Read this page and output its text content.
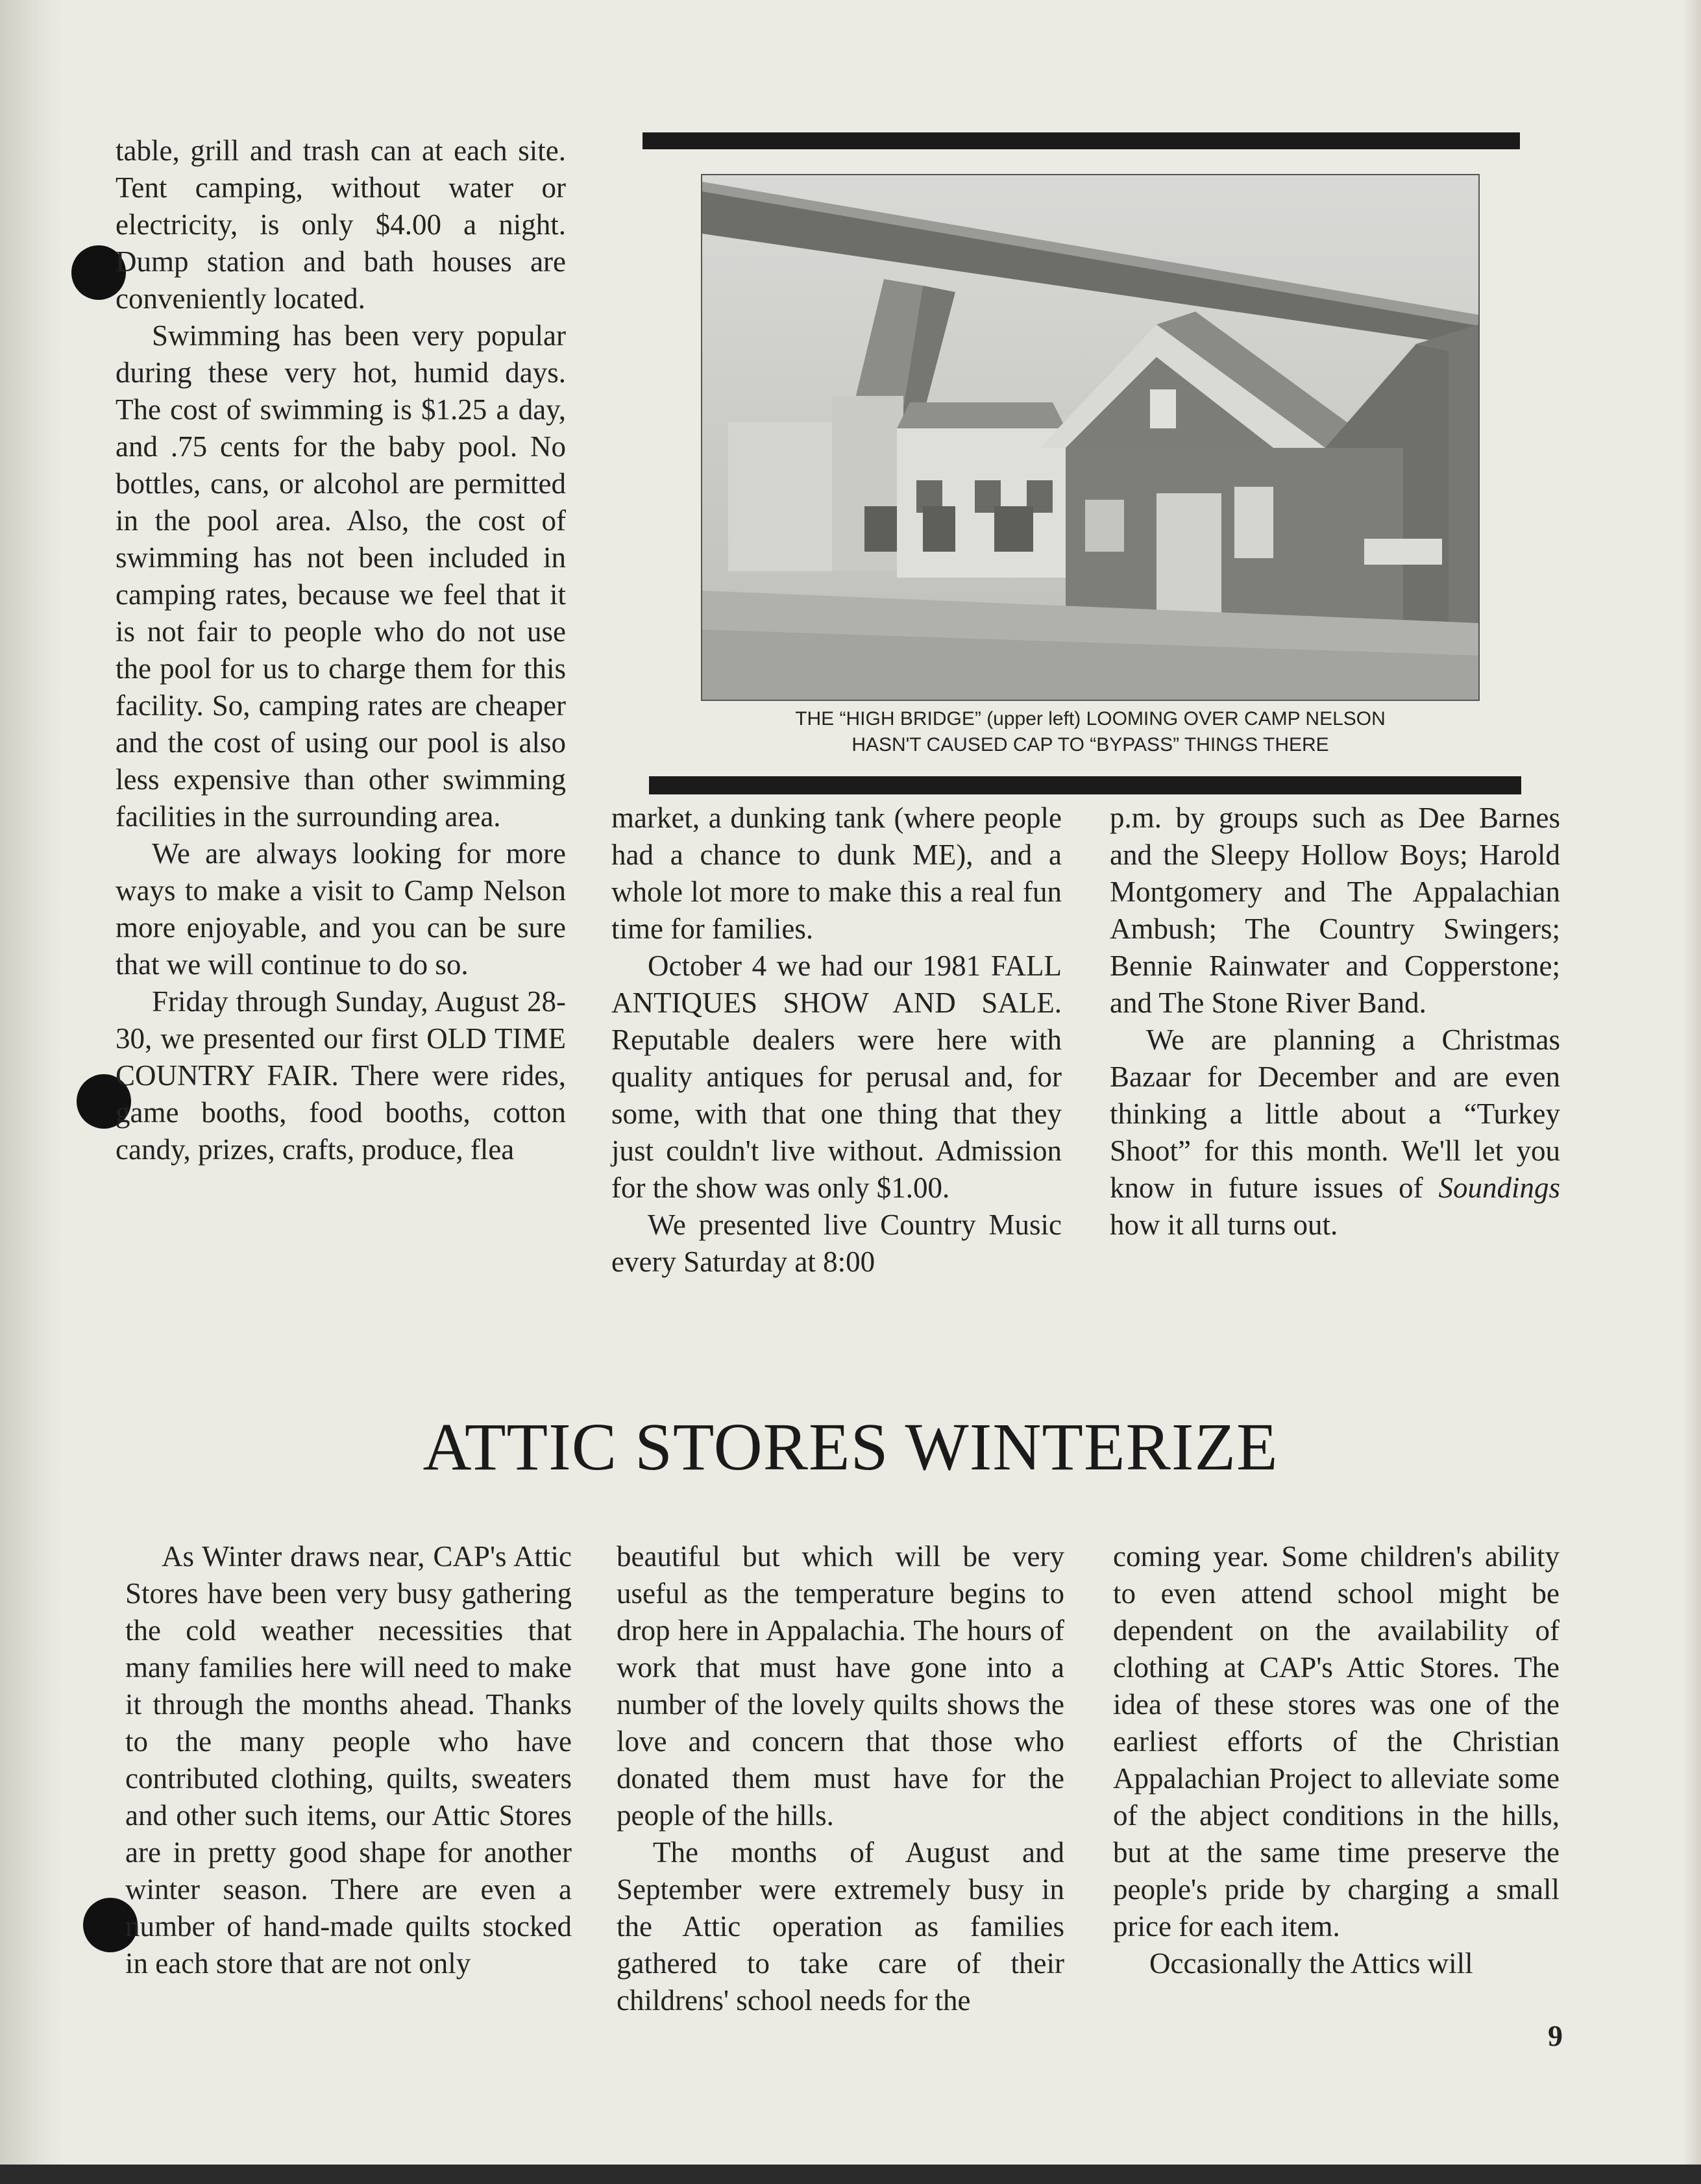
table, grill and trash can at each site. Tent camping, without water or electricity, is only $4.00 a night. Dump station and bath houses are conveniently located.

Swimming has been very popular during these very hot, humid days. The cost of swimming is $1.25 a day, and .75 cents for the baby pool. No bottles, cans, or alcohol are permitted in the pool area. Also, the cost of swimming has not been included in camping rates, because we feel that it is not fair to people who do not use the pool for us to charge them for this facility. So, camping rates are cheaper and the cost of using our pool is also less expensive than other swimming facilities in the surrounding area.

We are always looking for more ways to make a visit to Camp Nelson more enjoyable, and you can be sure that we will continue to do so.

Friday through Sunday, August 28-30, we presented our first OLD TIME COUNTRY FAIR. There were rides, game booths, food booths, cotton candy, prizes, crafts, produce, flea

THE “HIGH BRIDGE” (upper left) LOOMING OVER CAMP NELSON
HASN'T CAUSED CAP TO “BYPASS” THINGS THERE

market, a dunking tank (where people had a chance to dunk ME), and a whole lot more to make this a real fun time for families.

October 4 we had our 1981 FALL ANTIQUES SHOW AND SALE. Reputable dealers were here with quality antiques for perusal and, for some, with that one thing that they just couldn't live without. Admission for the show was only $1.00.

We presented live Country Music every Saturday at 8:00

p.m. by groups such as Dee Barnes and the Sleepy Hollow Boys; Harold Montgomery and The Appalachian Ambush; The Country Swingers; Bennie Rainwater and Copperstone; and The Stone River Band.

We are planning a Christmas Bazaar for December and are even thinking a little about a “Turkey Shoot” for this month. We'll let you know in future issues of Soundings how it all turns out.

ATTIC STORES WINTERIZE

As Winter draws near, CAP's Attic Stores have been very busy gathering the cold weather necessities that many families here will need to make it through the months ahead. Thanks to the many people who have contributed clothing, quilts, sweaters and other such items, our Attic Stores are in pretty good shape for another winter season. There are even a number of hand-made quilts stocked in each store that are not only

beautiful but which will be very useful as the temperature begins to drop here in Appalachia. The hours of work that must have gone into a number of the lovely quilts shows the love and concern that those who donated them must have for the people of the hills.

The months of August and September were extremely busy in the Attic operation as families gathered to take care of their childrens' school needs for the

coming year. Some children's ability to even attend school might be dependent on the availability of clothing at CAP's Attic Stores. The idea of these stores was one of the earliest efforts of the Christian Appalachian Project to alleviate some of the abject conditions in the hills, but at the same time preserve the people's pride by charging a small price for each item.

Occasionally the Attics will

9
